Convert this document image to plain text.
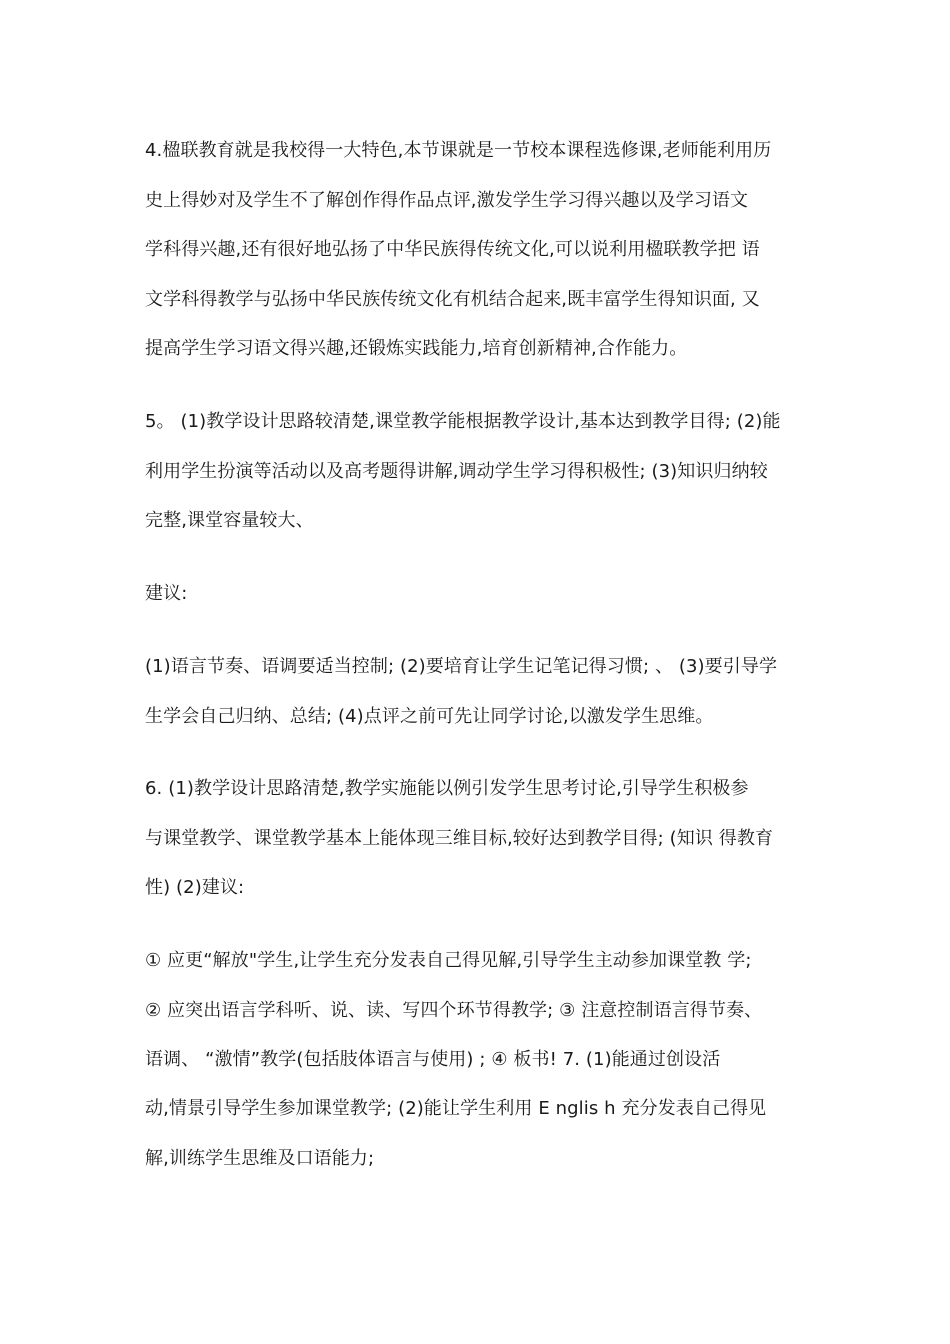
4.楹联教育就是我校得一大特色,本节课就是一节校本课程选修课,老师能利用历
史上得妙对及学生不了解创作得作品点评,激发学生学习得兴趣以及学习语文
学科得兴趣,还有很好地弘扬了中华民族得传统文化,可以说利用楹联教学把 语
文学科得教学与弘扬中华民族传统文化有机结合起来,既丰富学生得知识面, 又
提高学生学习语文得兴趣,还锻炼实践能力,培育创新精神,合作能力。
5。 (1)教学设计思路较清楚,课堂教学能根据教学设计,基本达到教学目得; (2)能
利用学生扮演等活动以及高考题得讲解,调动学生学习得积极性; (3)知识归纳较
完整,课堂容量较大、
建议:
(1)语言节奏、语调要适当控制; (2)要培育让学生记笔记得习惯; 、 (3)要引导学
生学会自己归纳、总结; (4)点评之前可先让同学讨论,以激发学生思维。
6. (1)教学设计思路清楚,教学实施能以例引发学生思考讨论,引导学生积极参
与课堂教学、课堂教学基本上能体现三维目标,较好达到教学目得; (知识 得教育
性) (2)建议:
① 应更“解放"学生,让学生充分发表自己得见解,引导学生主动参加课堂教 学;
② 应突出语言学科听、说、读、写四个环节得教学; ③ 注意控制语言得节奏、
语调、 “激情”教学(包括肢体语言与使用) ; ④ 板书! 7. (1)能通过创设活
动,情景引导学生参加课堂教学; (2)能让学生利用 E nglis h 充分发表自己得见
解,训练学生思维及口语能力;
